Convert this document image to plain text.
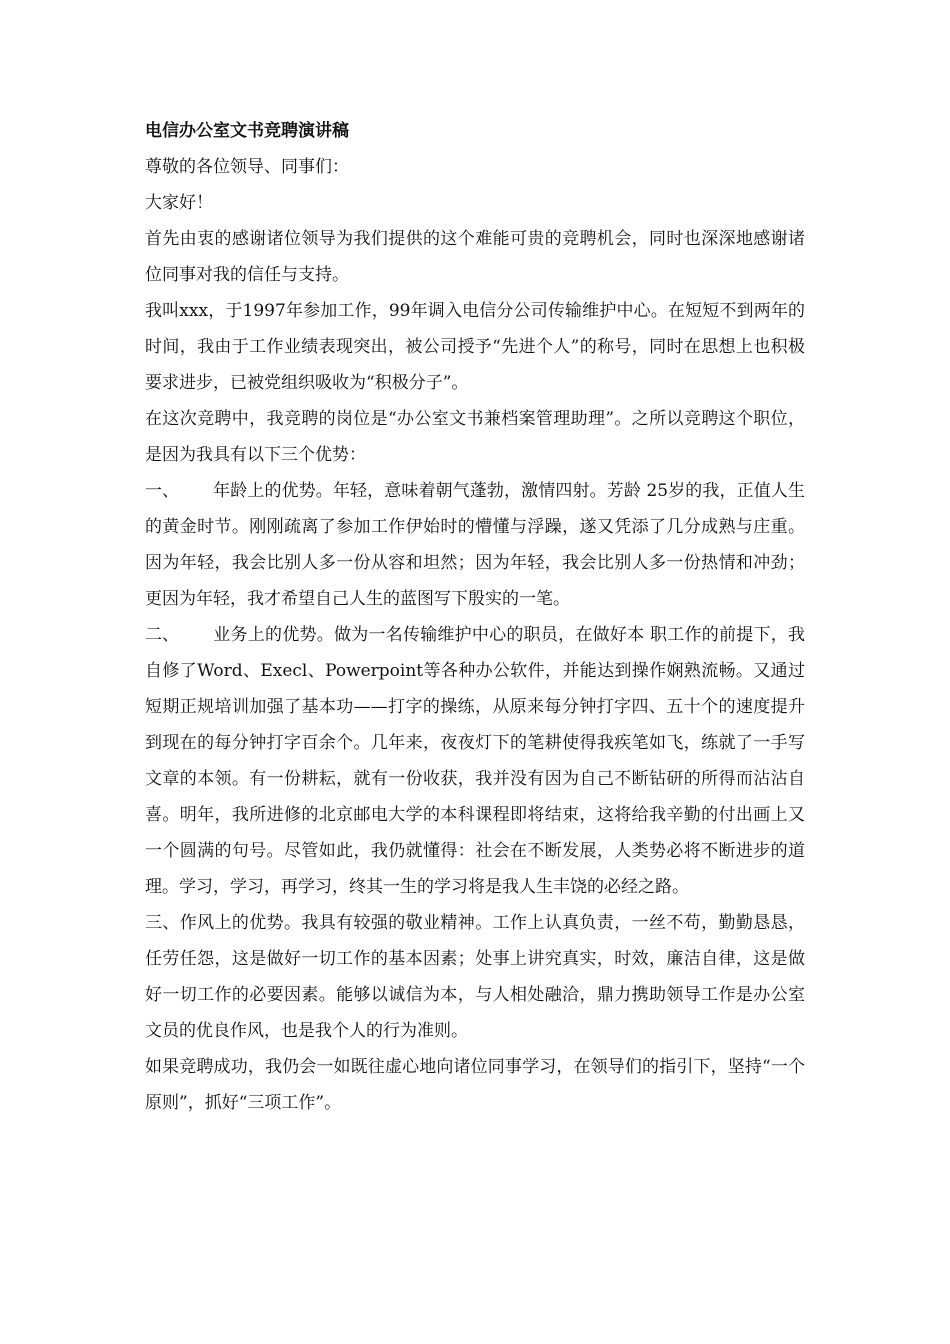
电信办公室文书竞聘演讲稿

尊敬的各位领导、同事们：

大家好！

首先由衷的感谢诸位领导为我们提供的这个难能可贵的竞聘机会，同时也深深地感谢诸位同事对我的信任与支持。

我叫xxx，于1997年参加工作，99年调入电信分公司传输维护中心。在短短不到两年的时间，我由于工作业绩表现突出，被公司授予“先进个人”的称号，同时在思想上也积极要求进步，已被党组织吸收为“积极分子”。

在这次竞聘中，我竞聘的岗位是“办公室文书兼档案管理助理”。之所以竞聘这个职位，是因为我具有以下三个优势：

一、 年龄上的优势。年轻，意味着朝气蓬勃，激情四射。芳龄 25岁的我，正值人生的黄金时节。刚刚疏离了参加工作伊始时的懵懂与浮躁，遂又凭添了几分成熟与庄重。因为年轻，我会比别人多一份从容和坦然；因为年轻，我会比别人多一份热情和冲劲；更因为年轻，我才希望自己人生的蓝图写下殷实的一笔。

二、 业务上的优势。做为一名传输维护中心的职员，在做好本 职工作的前提下，我自修了Word、Execl、Powerpoint等各种办公软件，并能达到操作娴熟流畅。又通过短期正规培训加强了基本功——打字的操练，从原来每分钟打字四、五十个的速度提升到现在的每分钟打字百余个。几年来，夜夜灯下的笔耕使得我疾笔如飞，练就了一手写文章的本领。有一份耕耘，就有一份收获，我并没有因为自己不断钻研的所得而沾沾自喜。明年，我所进修的北京邮电大学的本科课程即将结束，这将给我辛勤的付出画上又一个圆满的句号。尽管如此，我仍就懂得：社会在不断发展，人类势必将不断进步的道理。学习，学习，再学习，终其一生的学习将是我人生丰饶的必经之路。

三、作风上的优势。我具有较强的敬业精神。工作上认真负责，一丝不苟，勤勤恳恳，任劳任怨，这是做好一切工作的基本因素；处事上讲究真实，时效，廉洁自律，这是做好一切工作的必要因素。能够以诚信为本，与人相处融洽，鼎力携助领导工作是办公室文员的优良作风，也是我个人的行为准则。

如果竞聘成功，我仍会一如既往虚心地向诸位同事学习，在领导们的指引下，坚持“一个原则”，抓好“三项工作”。
